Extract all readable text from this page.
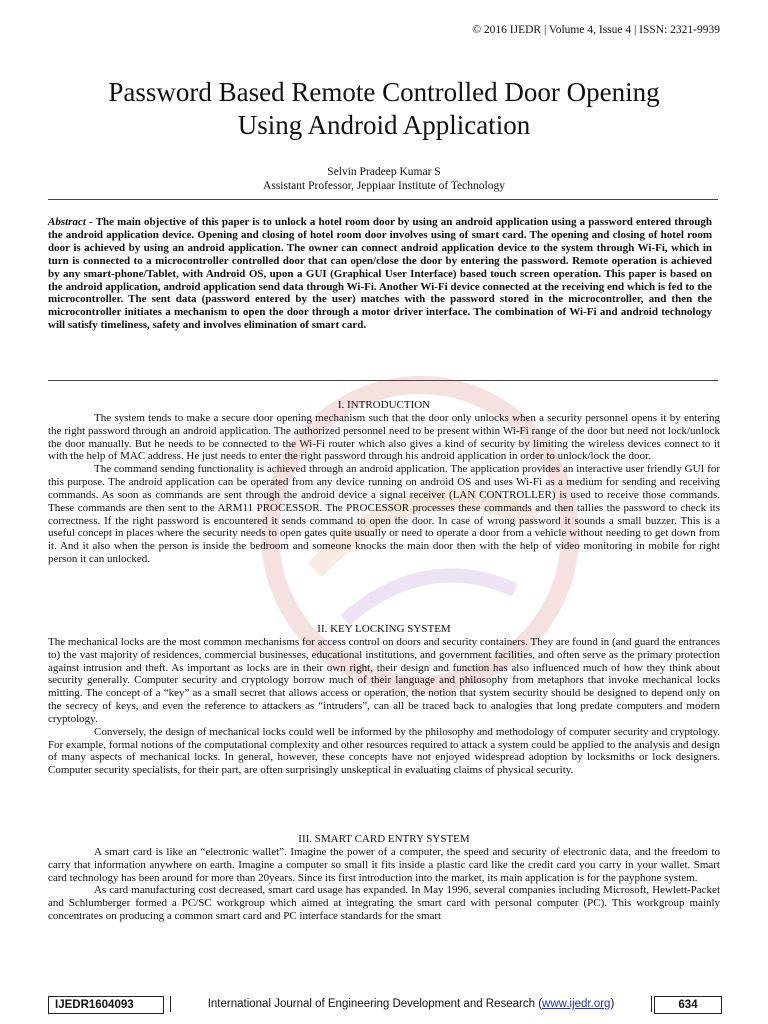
© 2016 IJEDR | Volume 4, Issue 4 | ISSN: 2321-9939
Password Based Remote Controlled Door Opening
Using Android Application
Selvin Pradeep Kumar S
Assistant Professor, Jeppiaar Institute of Technology
Abstract - The main objective of this paper is to unlock a hotel room door by using an android application using a password entered through the android application device. Opening and closing of hotel room door involves using of smart card. The opening and closing of hotel room door is achieved by using an android application. The owner can connect android application device to the system through Wi-Fi, which in turn is connected to a microcontroller controlled door that can open/close the door by entering the password. Remote operation is achieved by any smart-phone/Tablet, with Android OS, upon a GUI (Graphical User Interface) based touch screen operation. This paper is based on the android application, android application send data through Wi-Fi. Another Wi-Fi device connected at the receiving end which is fed to the microcontroller. The sent data (password entered by the user) matches with the password stored in the microcontroller, and then the microcontroller initiates a mechanism to open the door through a motor driver interface. The combination of Wi-Fi and android technology will satisfy timeliness, safety and involves elimination of smart card.

I. INTRODUCTION

The system tends to make a secure door opening mechanism such that the door only unlocks when a security personnel opens it by entering the right password through an android application. The authorized personnel need to be present within Wi-Fi range of the door but need not lock/unlock the door manually. But he needs to be connected to the Wi-Fi router which also gives a kind of security by limiting the wireless devices connect to it with the help of MAC address. He just needs to enter the right password through his android application in order to unlock/lock the door.

The command sending functionality is achieved through an android application. The application provides an interactive user friendly GUI for this purpose. The android application can be operated from any device running on android OS and uses Wi-Fi as a medium for sending and receiving commands. As soon as commands are sent through the android device a signal receiver (LAN CONTROLLER) is used to receive those commands. These commands are then sent to the ARM11 PROCESSOR. The PROCESSOR processes these commands and then tallies the password to check its correctness. If the right password is encountered it sends command to open the door. In case of wrong password it sounds a small buzzer. This is a useful concept in places where the security needs to open gates quite usually or need to operate a door from a vehicle without needing to get down from it. And it also when the person is inside the bedroom and someone knocks the main door then with the help of video monitoring in mobile for right person it can unlocked.

II. KEY LOCKING SYSTEM

The mechanical locks are the most common mechanisms for access control on doors and security containers. They are found in (and guard the entrances to) the vast majority of residences, commercial businesses, educational institutions, and government facilities, and often serve as the primary protection against intrusion and theft. As important as locks are in their own right, their design and function has also influenced much of how they think about security generally. Computer security and cryptology borrow much of their language and philosophy from metaphors that invoke mechanical locks mitting. The concept of a “key” as a small secret that allows access or operation, the notion that system security should be designed to depend only on the secrecy of keys, and even the reference to attackers as “intruders”, can all be traced back to analogies that long predate computers and modern cryptology.

Conversely, the design of mechanical locks could well be informed by the philosophy and methodology of computer security and cryptology. For example, formal notions of the computational complexity and other resources required to attack a system could be applied to the analysis and design of many aspects of mechanical locks. In general, however, these concepts have not enjoyed widespread adoption by locksmiths or lock designers. Computer security specialists, for their part, are often surprisingly unskeptical in evaluating claims of physical security.

III. SMART CARD ENTRY SYSTEM

A smart card is like an “electronic wallet”. Imagine the power of a computer, the speed and security of electronic data, and the freedom to carry that information anywhere on earth. Imagine a computer so small it fits inside a plastic card like the credit card you carry in your wallet. Smart card technology has been around for more than 20years. Since its first introduction into the market, its main application is for the payphone system.

As card manufacturing cost decreased, smart card usage has expanded. In May 1996, several companies including Microsoft, Hewlett-Packet and Schlumberger formed a PC/SC workgroup which aimed at integrating the smart card with personal computer (PC). This workgroup mainly concentrates on producing a common smart card and PC interface standards for the smart

IJEDR1604093	International Journal of Engineering Development and Research (www.ijedr.org)	634
